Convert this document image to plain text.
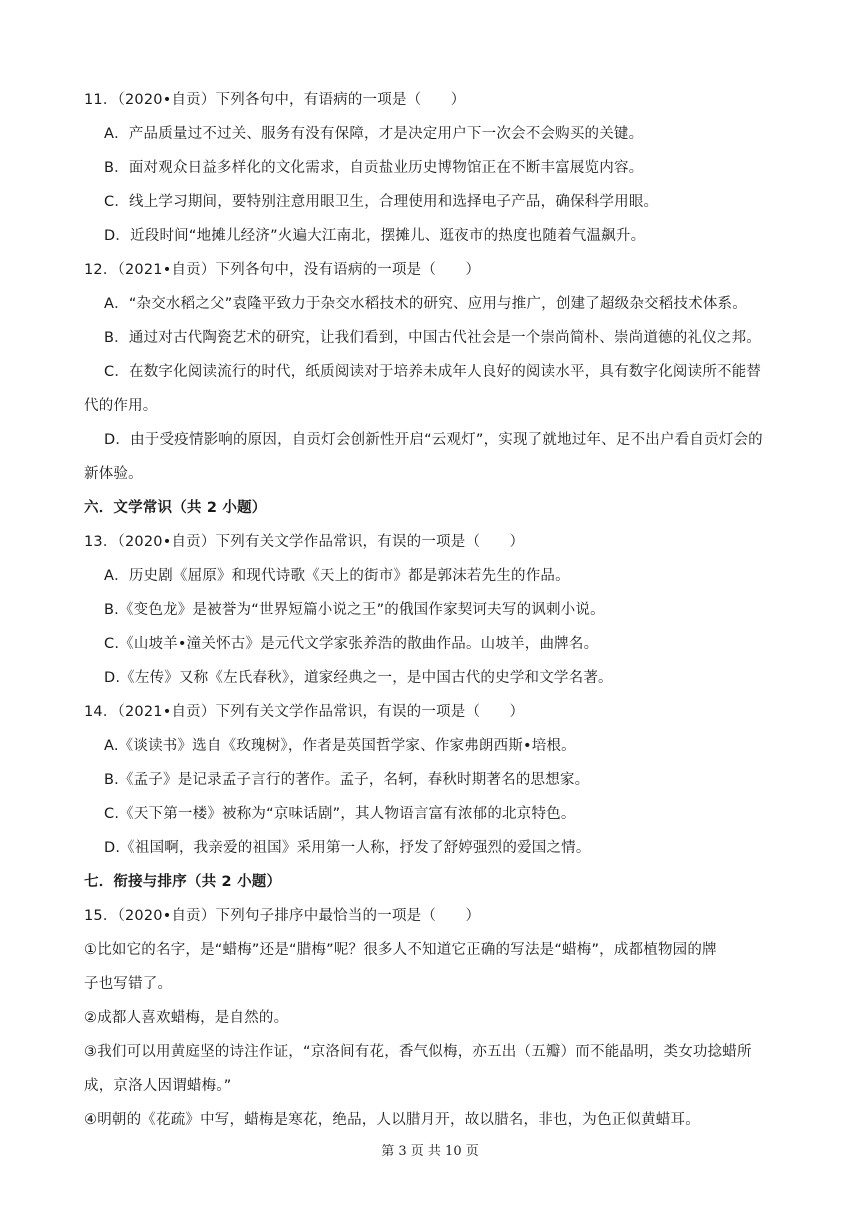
11．（2020•自贡）下列各句中，有语病的一项是（　　）
A．产品质量过不过关、服务有没有保障，才是决定用户下一次会不会购买的关键。
B．面对观众日益多样化的文化需求，自贡盐业历史博物馆正在不断丰富展览内容。
C．线上学习期间，要特别注意用眼卫生，合理使用和选择电子产品，确保科学用眼。
D．近段时间“地摊儿经济”火遍大江南北，摆摊儿、逛夜市的热度也随着气温飙升。
12．（2021•自贡）下列各句中，没有语病的一项是（　　）
A．“杂交水稻之父”袁隆平致力于杂交水稻技术的研究、应用与推广，创建了超级杂交稻技术体系。
B．通过对古代陶瓷艺术的研究，让我们看到，中国古代社会是一个崇尚简朴、崇尚道德的礼仪之邦。
C．在数字化阅读流行的时代，纸质阅读对于培养未成年人良好的阅读水平，具有数字化阅读所不能替
代的作用。
D．由于受疫情影响的原因，自贡灯会创新性开启“云观灯”，实现了就地过年、足不出户看自贡灯会的
新体验。
六．文学常识（共 2 小题）
13．（2020•自贡）下列有关文学作品常识，有误的一项是（　　）
A．历史剧《屈原》和现代诗歌《天上的街市》都是郭沫若先生的作品。
B.《变色龙》是被誉为“世界短篇小说之王”的俄国作家契诃夫写的讽刺小说。
C.《山坡羊•潼关怀古》是元代文学家张养浩的散曲作品。山坡羊，曲牌名。
D.《左传》又称《左氏春秋》，道家经典之一，是中国古代的史学和文学名著。
14．（2021•自贡）下列有关文学作品常识，有误的一项是（　　）
A.《谈读书》选自《玫瑰树》，作者是英国哲学家、作家弗朗西斯•培根。
B.《孟子》是记录孟子言行的著作。孟子，名轲，春秋时期著名的思想家。
C.《天下第一楼》被称为“京味话剧”，其人物语言富有浓郁的北京特色。
D.《祖国啊，我亲爱的祖国》采用第一人称，抒发了舒婷强烈的爱国之情。
七．衔接与排序（共 2 小题）
15．（2020•自贡）下列句子排序中最恰当的一项是（　　）
①比如它的名字，是“蜡梅”还是“腊梅”呢？很多人不知道它正确的写法是“蜡梅”，成都植物园的牌
子也写错了。
②成都人喜欢蜡梅，是自然的。
③我们可以用黄庭坚的诗注作证，“京洛间有花，香气似梅，亦五出（五瓣）而不能晶明，类女功捻蜡所
成，京洛人因谓蜡梅。”
④明朝的《花疏》中写，蜡梅是寒花，绝品，人以腊月开，故以腊名，非也，为色正似黄蜡耳。
第 3 页 共 10 页
